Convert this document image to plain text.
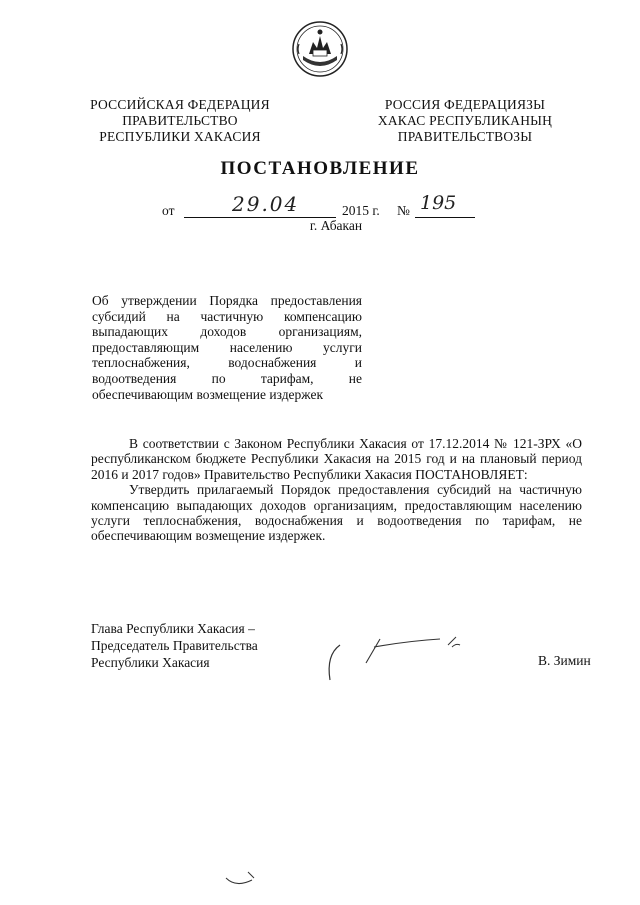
РОССИЙСКАЯ ФЕДЕРАЦИЯ
ПРАВИТЕЛЬСТВО
РЕСПУБЛИКИ ХАКАСИЯ
РОССИЯ ФЕДЕРАЦИЯЗЫ
ХАКАС РЕСПУБЛИКАНЫҢ
ПРАВИТЕЛЬСТВОЗЫ
ПОСТАНОВЛЕНИЕ
от	29.04	2015 г. № 195
г. Абакан
Об утверждении Порядка предоставления субсидий на частичную компенсацию выпадающих доходов организациям, предоставляющим населению услуги теплоснабжения, водоснабжения и водоотведения по тарифам, не обеспечивающим возмещение издержек

В соответствии с Законом Республики Хакасия от 17.12.2014 № 121-ЗРХ «О республиканском бюджете Республики Хакасия на 2015 год и на плановый период 2016 и 2017 годов» Правительство Республики Хакасия ПОСТАНОВЛЯЕТ:

Утвердить прилагаемый Порядок предоставления субсидий на частичную компенсацию выпадающих доходов организациям, предоставляющим населению услуги теплоснабжения, водоснабжения и водоотведения по тарифам, не обеспечивающим возмещение издержек.

Глава Республики Хакасия –
Председатель Правительства
Республики Хакасия	В. Зимин
